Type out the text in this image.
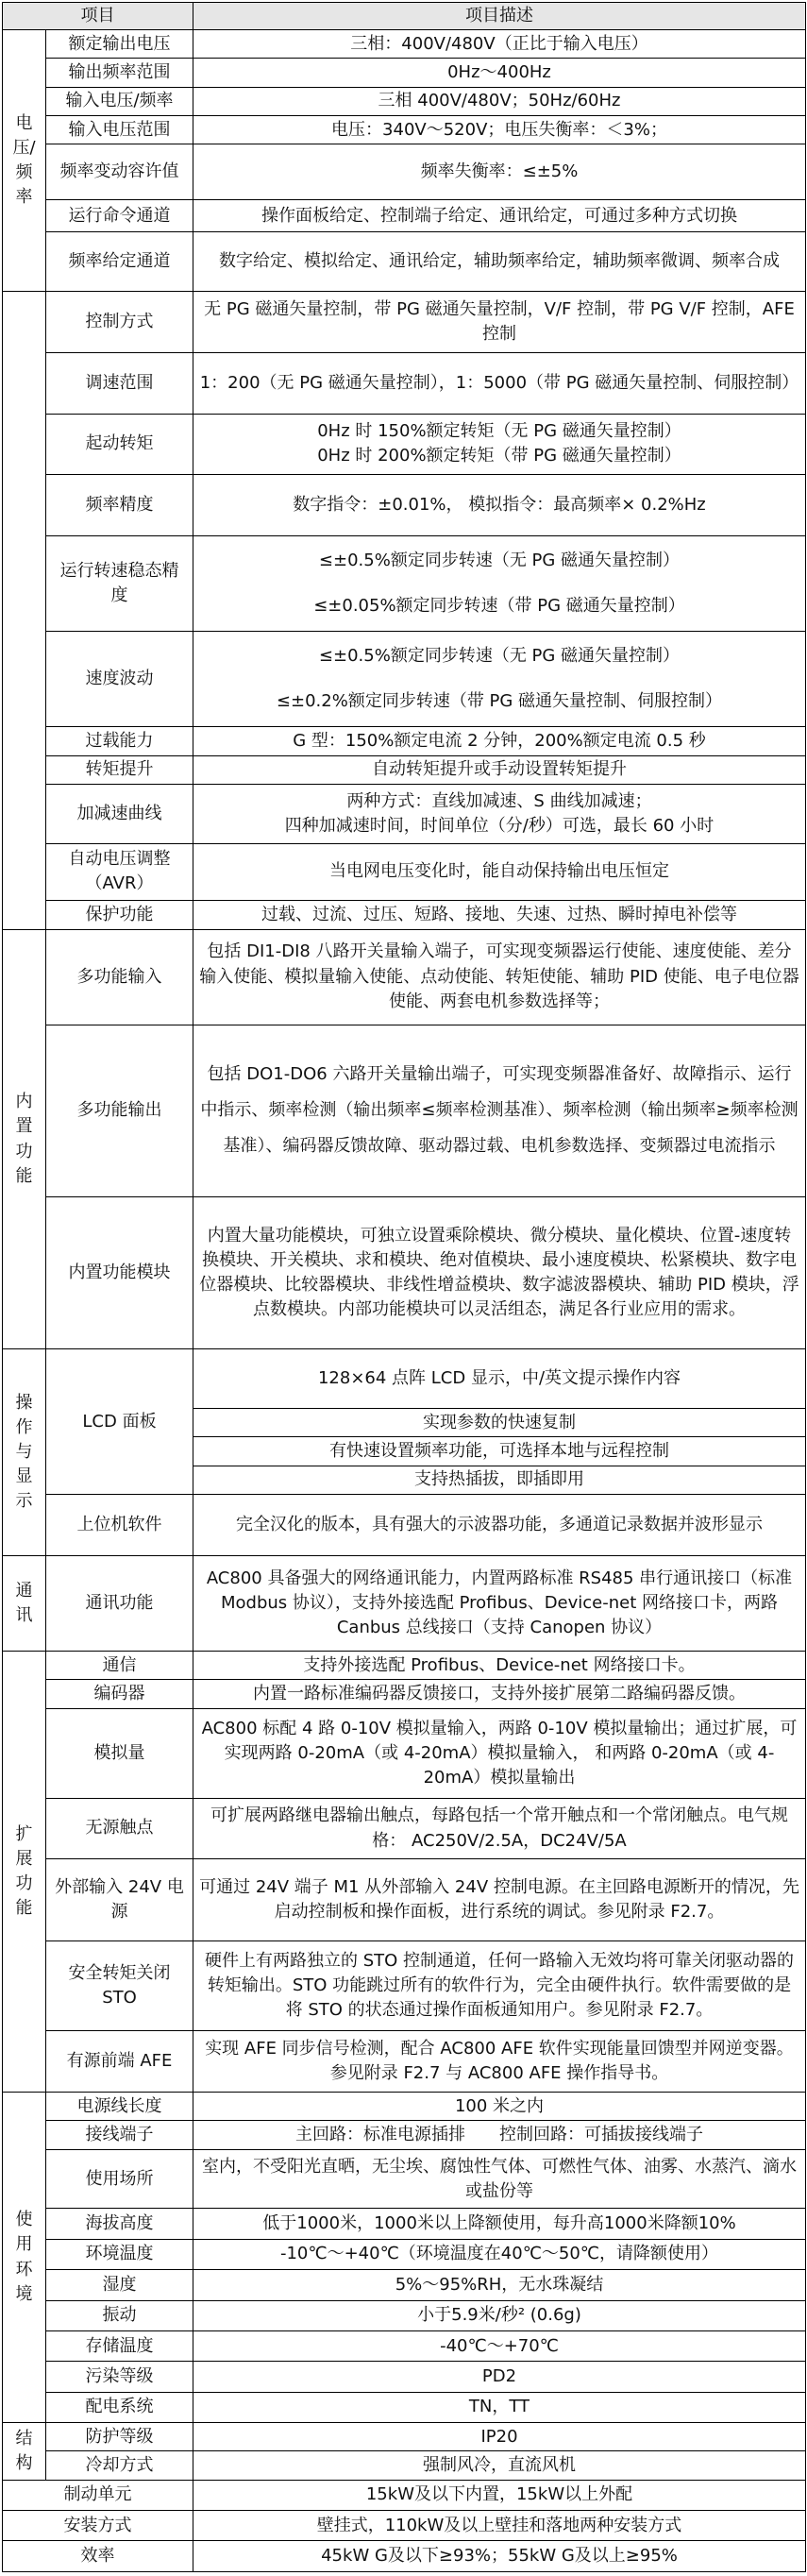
项目		项目描述
电压/频率	额定输出电压	三相：400V/480V（正比于输入电压）
	输出频率范围	0Hz～400Hz
	输入电压/频率	三相 400V/480V；50Hz/60Hz
	输入电压范围	电压：340V～520V；电压失衡率：＜3%；
	频率变动容许值	频率失衡率：≤±5%
	运行命令通道	操作面板给定、控制端子给定、通讯给定，可通过多种方式切换
	频率给定通道	数字给定、模拟给定、通讯给定，辅助频率给定，辅助频率微调、频率合成
	控制方式	无 PG 磁通矢量控制，带 PG 磁通矢量控制，V/F 控制，带 PG V/F 控制，AFE 控制
	调速范围	1：200（无 PG 磁通矢量控制），1：5000（带 PG 磁通矢量控制、伺服控制）
	起动转矩	0Hz 时 150%额定转矩（无 PG 磁通矢量控制）
0Hz 时 200%额定转矩（带 PG 磁通矢量控制）

	频率精度	数字指令：±0.01%， 模拟指令：最高频率× 0.2%Hz
	运行转速稳态精度	≤±0.5%额定同步转速（无 PG 磁通矢量控制）
≤±0.05%额定同步转速（带 PG 磁通矢量控制）

	速度波动	≤±0.5%额定同步转速（无 PG 磁通矢量控制）
≤±0.2%额定同步转速（带 PG 磁通矢量控制、伺服控制）

	过载能力	G 型：150%额定电流 2 分钟，200%额定电流 0.5 秒
	转矩提升	自动转矩提升或手动设置转矩提升
	加减速曲线	两种方式：直线加减速、S 曲线加减速；
四种加减速时间，时间单位（分/秒）可选，最长 60 小时

	自动电压调整（AVR）	当电网电压变化时，能自动保持输出电压恒定
	保护功能	过载、过流、过压、短路、接地、失速、过热、瞬时掉电补偿等
内置功能	多功能输入	包括 DI1-DI8 八路开关量输入端子，可实现变频器运行使能、速度使能、差分输入使能、模拟量输入使能、点动使能、转矩使能、辅助 PID 使能、电子电位器使能、两套电机参数选择等；
	多功能输出	包括 DO1-DO6 六路开关量输出端子，可实现变频器准备好、故障指示、运行中指示、频率检测（输出频率≤频率检测基准）、频率检测（输出频率≥频率检测基准）、编码器反馈故障、驱动器过载、电机参数选择、变频器过电流指示
	内置功能模块	内置大量功能模块，可独立设置乘除模块、微分模块、量化模块、位置-速度转换模块、开关模块、求和模块、绝对值模块、最小速度模块、松紧模块、数字电位器模块、比较器模块、非线性增益模块、数字滤波器模块、辅助 PID 模块，浮点数模块。内部功能模块可以灵活组态，满足各行业应用的需求。
操作与显示	LCD 面板	128×64 点阵 LCD 显示，中/英文提示操作内容
		实现参数的快速复制
		有快速设置频率功能，可选择本地与远程控制
		支持热插拔，即插即用
	上位机软件	完全汉化的版本，具有强大的示波器功能，多通道记录数据并波形显示
通讯	通讯功能	AC800 具备强大的网络通讯能力，内置两路标准 RS485 串行通讯接口（标准 Modbus 协议），支持外接选配 Profibus、Device-net 网络接口卡，两路 Canbus 总线接口（支持 Canopen 协议）
扩展功能	通信	支持外接选配 Profibus、Device-net 网络接口卡。
	编码器	内置一路标准编码器反馈接口，支持外接扩展第二路编码器反馈。
	模拟量	AC800 标配 4 路 0-10V 模拟量输入，两路 0-10V 模拟量输出；通过扩展，可实现两路 0-20mA（或 4-20mA）模拟量输入， 和两路 0-20mA（或 4-20mA）模拟量输出
	无源触点	可扩展两路继电器输出触点，每路包括一个常开触点和一个常闭触点。电气规格： AC250V/2.5A，DC24V/5A
	外部输入 24V 电源	可通过 24V 端子 M1 从外部输入 24V 控制电源。在主回路电源断开的情况，先启动控制板和操作面板，进行系统的调试。参见附录 F2.7。
	安全转矩关闭 STO	硬件上有两路独立的 STO 控制通道，任何一路输入无效均将可靠关闭驱动器的转矩输出。STO 功能跳过所有的软件行为，完全由硬件执行。软件需要做的是将 STO 的状态通过操作面板通知用户。参见附录 F2.7。
	有源前端 AFE	实现 AFE 同步信号检测，配合 AC800 AFE 软件实现能量回馈型并网逆变器。参见附录 F2.7 与 AC800 AFE 操作指导书。
使用环境	电源线长度	100 米之内
	接线端子	主回路：标准电源插排　　控制回路：可插拔接线端子
	使用场所	室内，不受阳光直晒，无尘埃、腐蚀性气体、可燃性气体、油雾、水蒸汽、滴水或盐份等
	海拔高度	低于1000米，1000米以上降额使用，每升高1000米降额10%
	环境温度	-10℃～+40℃（环境温度在40℃～50℃，请降额使用）
	湿度	5%～95%RH，无水珠凝结
	振动	小于5.9米/秒² (0.6g)
	存储温度	-40℃～+70℃
	污染等级	PD2
	配电系统	TN，TT
结构	防护等级	IP20
	冷却方式	强制风冷，直流风机
制动单元		15kW及以下内置，15kW以上外配
安装方式		壁挂式，110kW及以上壁挂和落地两种安装方式
效率		45kW G及以下≥93%；55kW G及以上≥95%
